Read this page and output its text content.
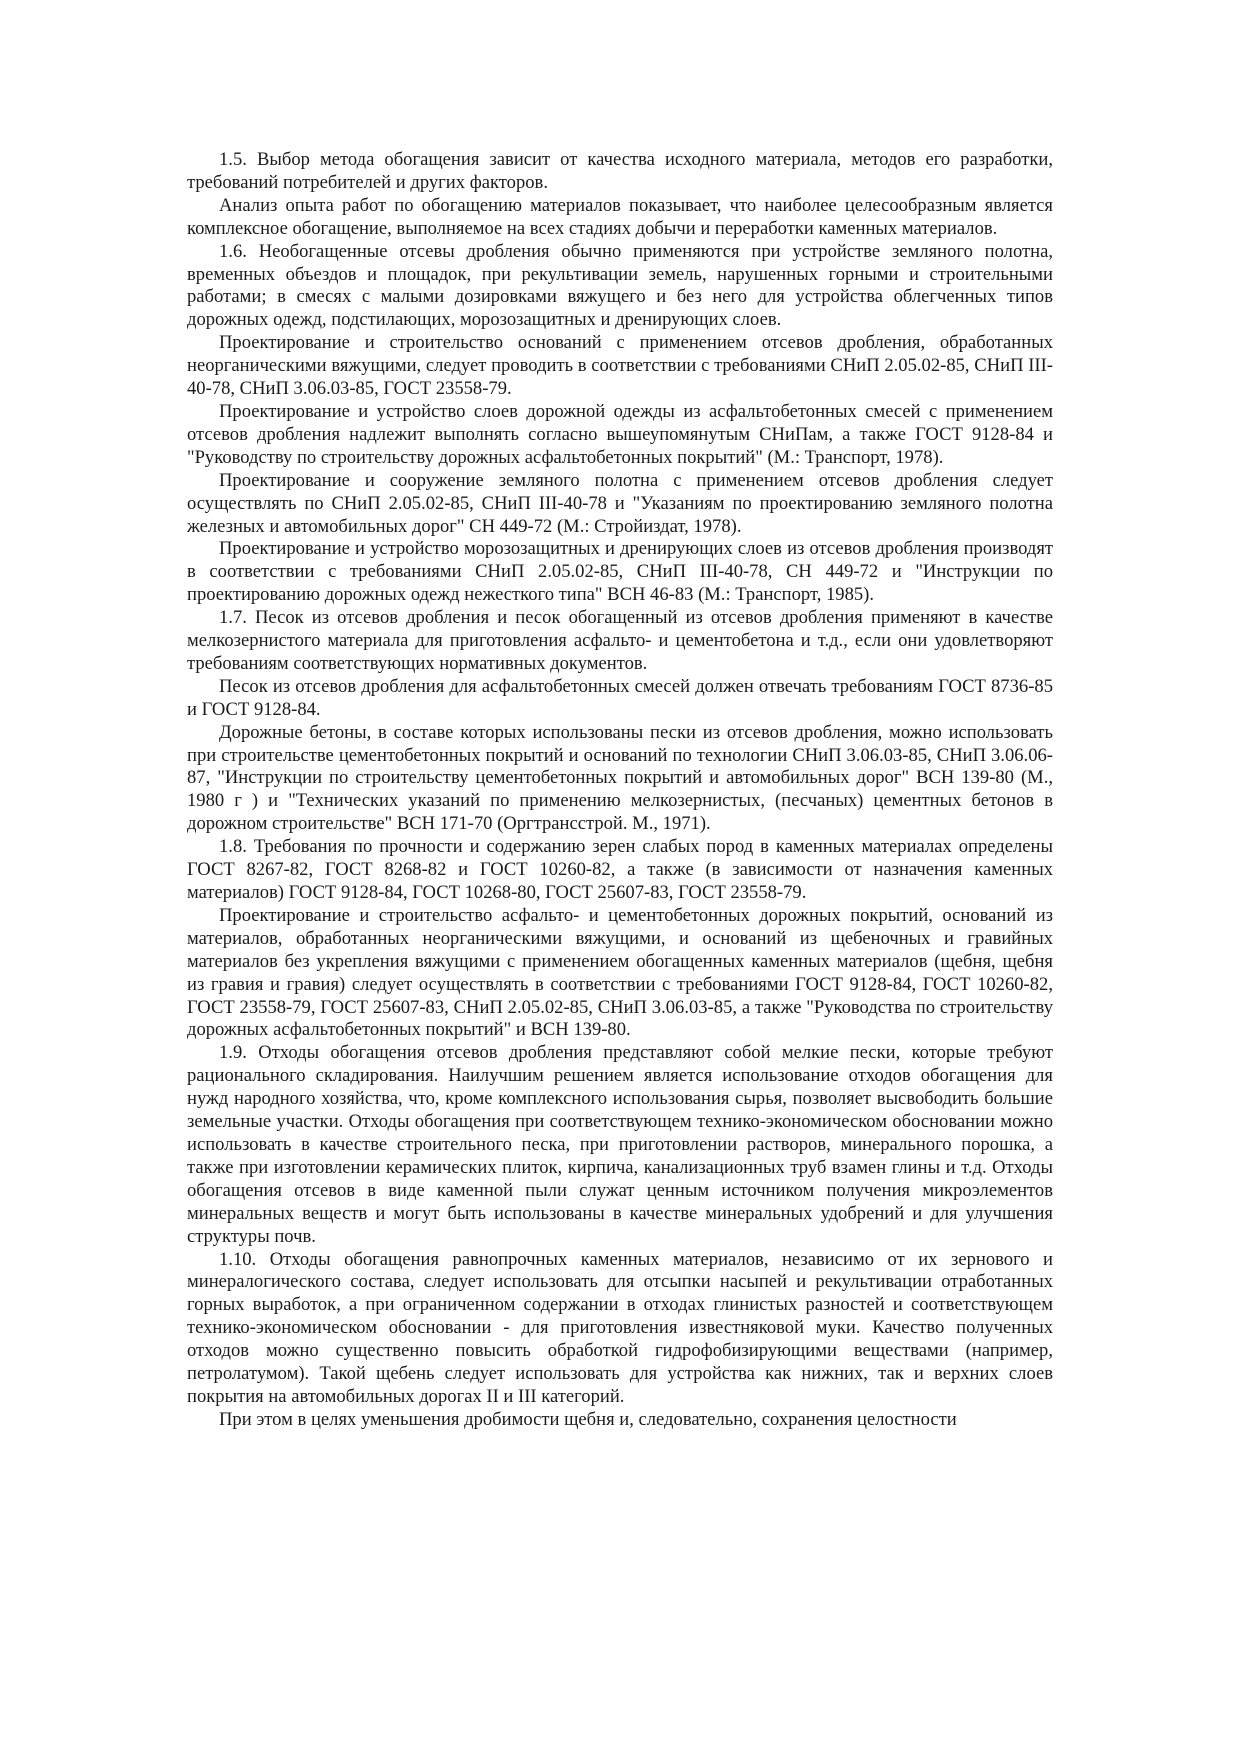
1.5. Выбор метода обогащения зависит от качества исходного материала, методов его разработки, требований потребителей и других факторов.

Анализ опыта работ по обогащению материалов показывает, что наиболее целесообразным является комплексное обогащение, выполняемое на всех стадиях добычи и переработки каменных материалов.

1.6. Необогащенные отсевы дробления обычно применяются при устройстве земляного полотна, временных объездов и площадок, при рекультивации земель, нарушенных горными и строительными работами; в смесях с малыми дозировками вяжущего и без него для устройства облегченных типов дорожных одежд, подстилающих, морозозащитных и дренирующих слоев.

Проектирование и строительство оснований с применением отсевов дробления, обработанных неорганическими вяжущими, следует проводить в соответствии с требованиями СНиП 2.05.02-85, СНиП III-40-78, СНиП 3.06.03-85, ГОСТ 23558-79.

Проектирование и устройство слоев дорожной одежды из асфальтобетонных смесей с применением отсевов дробления надлежит выполнять согласно вышеупомянутым СНиПам, а также ГОСТ 9128-84 и "Руководству по строительству дорожных асфальтобетонных покрытий" (М.: Транспорт, 1978).

Проектирование и сооружение земляного полотна с применением отсевов дробления следует осуществлять по СНиП 2.05.02-85, СНиП III-40-78 и "Указаниям по проектированию земляного полотна железных и автомобильных дорог" СН 449-72 (М.: Стройиздат, 1978).

Проектирование и устройство морозозащитных и дренирующих слоев из отсевов дробления производят в соответствии с требованиями СНиП 2.05.02-85, СНиП III-40-78, СН 449-72 и "Инструкции по проектированию дорожных одежд нежесткого типа" ВСН 46-83 (М.: Транспорт, 1985).

1.7. Песок из отсевов дробления и песок обогащенный из отсевов дробления применяют в качестве мелкозернистого материала для приготовления асфальто- и цементобетона и т.д., если они удовлетворяют требованиям соответствующих нормативных документов.

Песок из отсевов дробления для асфальтобетонных смесей должен отвечать требованиям ГОСТ 8736-85 и ГОСТ 9128-84.

Дорожные бетоны, в составе которых использованы пески из отсевов дробления, можно использовать при строительстве цементобетонных покрытий и оснований по технологии СНиП 3.06.03-85, СНиП 3.06.06-87, "Инструкции по строительству цементобетонных покрытий и автомобильных дорог" ВСН 139-80 (М., 1980 г ) и "Технических указаний по применению мелкозернистых, (песчаных) цементных бетонов в дорожном строительстве" ВСН 171-70 (Оргтрансстрой. М., 1971).

1.8. Требования по прочности и содержанию зерен слабых пород в каменных материалах определены ГОСТ 8267-82, ГОСТ 8268-82 и ГОСТ 10260-82, а также (в зависимости от назначения каменных материалов) ГОСТ 9128-84, ГОСТ 10268-80, ГОСТ 25607-83, ГОСТ 23558-79.

Проектирование и строительство асфальто- и цементобетонных дорожных покрытий, оснований из материалов, обработанных неорганическими вяжущими, и оснований из щебеночных и гравийных материалов без укрепления вяжущими с применением обогащенных каменных материалов (щебня, щебня из гравия и гравия) следует осуществлять в соответствии с требованиями ГОСТ 9128-84, ГОСТ 10260-82, ГОСТ 23558-79, ГОСТ 25607-83, СНиП 2.05.02-85, СНиП 3.06.03-85, а также "Руководства по строительству дорожных асфальтобетонных покрытий" и ВСН 139-80.

1.9. Отходы обогащения отсевов дробления представляют собой мелкие пески, которые требуют рационального складирования. Наилучшим решением является использование отходов обогащения для нужд народного хозяйства, что, кроме комплексного использования сырья, позволяет высвободить большие земельные участки. Отходы обогащения при соответствующем технико-экономическом обосновании можно использовать в качестве строительного песка, при приготовлении растворов, минерального порошка, а также при изготовлении керамических плиток, кирпича, канализационных труб взамен глины и т.д. Отходы обогащения отсевов в виде каменной пыли служат ценным источником получения микроэлементов минеральных веществ и могут быть использованы в качестве минеральных удобрений и для улучшения структуры почв.

1.10. Отходы обогащения равнопрочных каменных материалов, независимо от их зернового и минералогического состава, следует использовать для отсыпки насыпей и рекультивации отработанных горных выработок, а при ограниченном содержании в отходах глинистых разностей и соответствующем технико-экономическом обосновании - для приготовления известняковой муки. Качество полученных отходов можно существенно повысить обработкой гидрофобизирующими веществами (например, петролатумом). Такой щебень следует использовать для устройства как нижних, так и верхних слоев покрытия на автомобильных дорогах II и III категорий.

При этом в целях уменьшения дробимости щебня и, следовательно, сохранения целостности
